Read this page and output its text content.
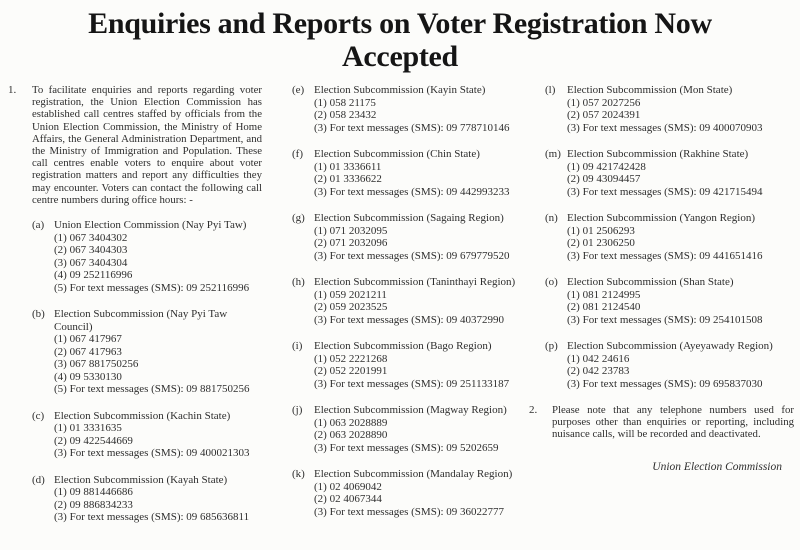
Enquiries and Reports on Voter Registration Now
Accepted
1.	To facilitate enquiries and reports regarding voter registration, the Union Election Commission has established call centres staffed by officials from the Union Election Commission, the Ministry of Home Affairs, the General Administration Department, and the Ministry of Immigration and Population. These call centres enable voters to enquire about voter registration matters and report any difficulties they may encounter. Voters can contact the following call centre numbers during office hours: -

(a) Union Election Commission (Nay Pyi Taw)
(1) 067 3404302
(2) 067 3404303
(3) 067 3404304
(4) 09 252116996
(5) For text messages (SMS): 09 252116996
(b) Election Subcommission (Nay Pyi Taw Council)
(1) 067 417967
(2) 067 417963
(3) 067 881750256
(4) 09 5330130
(5) For text messages (SMS): 09 881750256
(c) Election Subcommission (Kachin State)
(1) 01 3331635
(2) 09 422544669
(3) For text messages (SMS): 09 400021303
(d) Election Subcommission (Kayah State)
(1) 09 881446686
(2) 09 886834233
(3) For text messages (SMS): 09 685636811
(e) Election Subcommission (Kayin State)
(1) 058 21175
(2) 058 23432
(3) For text messages (SMS): 09 778710146
(f)	Election Subcommission (Chin State)
(1) 01 3336611
(2) 01 3336622
(3) For text messages (SMS): 09 442993233
(g) Election Subcommission (Sagaing Region)
(1) 071 2032095
(2) 071 2032096
(3) For text messages (SMS): 09 679779520
(h) Election Subcommission (Taninthayi Region)
(1) 059 2021211
(2) 059 2023525
(3) For text messages (SMS): 09 40372990
(i)	Election Subcommission (Bago Region)
(1) 052 2221268
(2) 052 2201991
(3) For text messages (SMS): 09 251133187
(j)	Election Subcommission (Magway Region)
(1) 063 2028889
(2) 063 2028890
(3) For text messages (SMS): 09 5202659
(k) Election Subcommission (Mandalay Region)
(1) 02 4069042
(2) 02 4067344
(3) For text messages (SMS): 09 36022777
(l)	Election Subcommission (Mon State)
(1) 057 2027256
(2) 057 2024391
(3) For text messages (SMS): 09 400070903
(m) Election Subcommission (Rakhine State)
(1) 09 421742428
(2) 09 43094457
(3) For text messages (SMS): 09 421715494
(n) Election Subcommission (Yangon Region)
(1) 01 2506293
(2) 01 2306250
(3) For text messages (SMS): 09 441651416
(o) Election Subcommission (Shan State)
(1) 081 2124995
(2) 081 2124540
(3) For text messages (SMS): 09 254101508
(p) Election Subcommission (Ayeyawady Region)
(1) 042 24616
(2) 042 23783
(3) For text messages (SMS): 09 695837030
2.	Please note that any telephone numbers used for purposes other than enquiries or reporting, including nuisance calls, will be recorded and deactivated.

Union Election Commission
